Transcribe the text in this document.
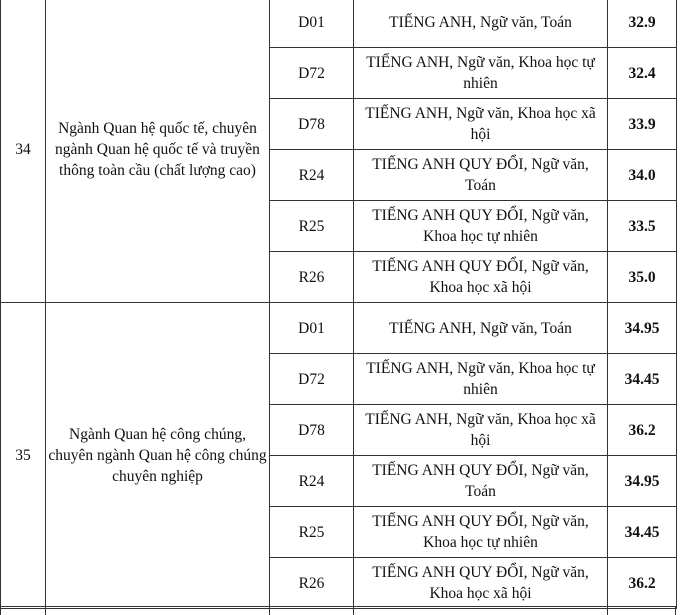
34	Ngành Quan hệ quốc tế, chuyên ngành Quan hệ quốc tế và truyền thông toàn cầu (chất lượng cao)	D01	TIẾNG ANH, Ngữ văn, Toán	32.9
		D72	TIẾNG ANH, Ngữ văn, Khoa học tự nhiên	32.4
		D78	TIẾNG ANH, Ngữ văn, Khoa học xã hội	33.9
		R24	TIẾNG ANH QUY ĐỔI, Ngữ văn, Toán	34.0
		R25	TIẾNG ANH QUY ĐỔI, Ngữ văn, Khoa học tự nhiên	33.5
		R26	TIẾNG ANH QUY ĐỔI, Ngữ văn, Khoa học xã hội	35.0
35	Ngành Quan hệ công chúng, chuyên ngành Quan hệ công chúng chuyên nghiệp	D01	TIẾNG ANH, Ngữ văn, Toán	34.95
		D72	TIẾNG ANH, Ngữ văn, Khoa học tự nhiên	34.45
		D78	TIẾNG ANH, Ngữ văn, Khoa học xã hội	36.2
		R24	TIẾNG ANH QUY ĐỔI, Ngữ văn, Toán	34.95
		R25	TIẾNG ANH QUY ĐỔI, Ngữ văn, Khoa học tự nhiên	34.45
		R26	TIẾNG ANH QUY ĐỔI, Ngữ văn, Khoa học xã hội	36.2
